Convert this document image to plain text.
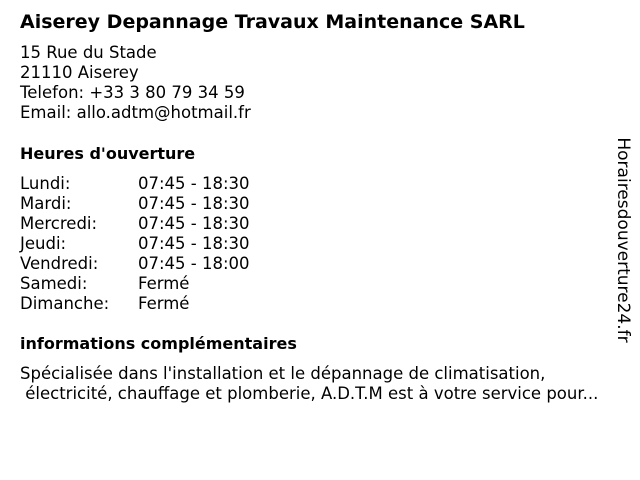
Aiserey Depannage Travaux Maintenance SARL
15 Rue du Stade
21110 Aiserey
Telefon: +33 3 80 79 34 59
Email: allo.adtm@hotmail.fr
Heures d'ouverture
Lundi:	07:45 - 18:30
Mardi:	07:45 - 18:30
Mercredi: 07:45 - 18:30
Jeudi:	07:45 - 18:30
Vendredi: 07:45 - 18:00
Samedi:	Fermé
Dimanche: Fermé
informations complémentaires
Spécialisée dans l'installation et le dépannage de climatisation,
électricité, chauffage et plomberie, A.D.T.M est à votre service pour...
Horairesdouverture24.fr
